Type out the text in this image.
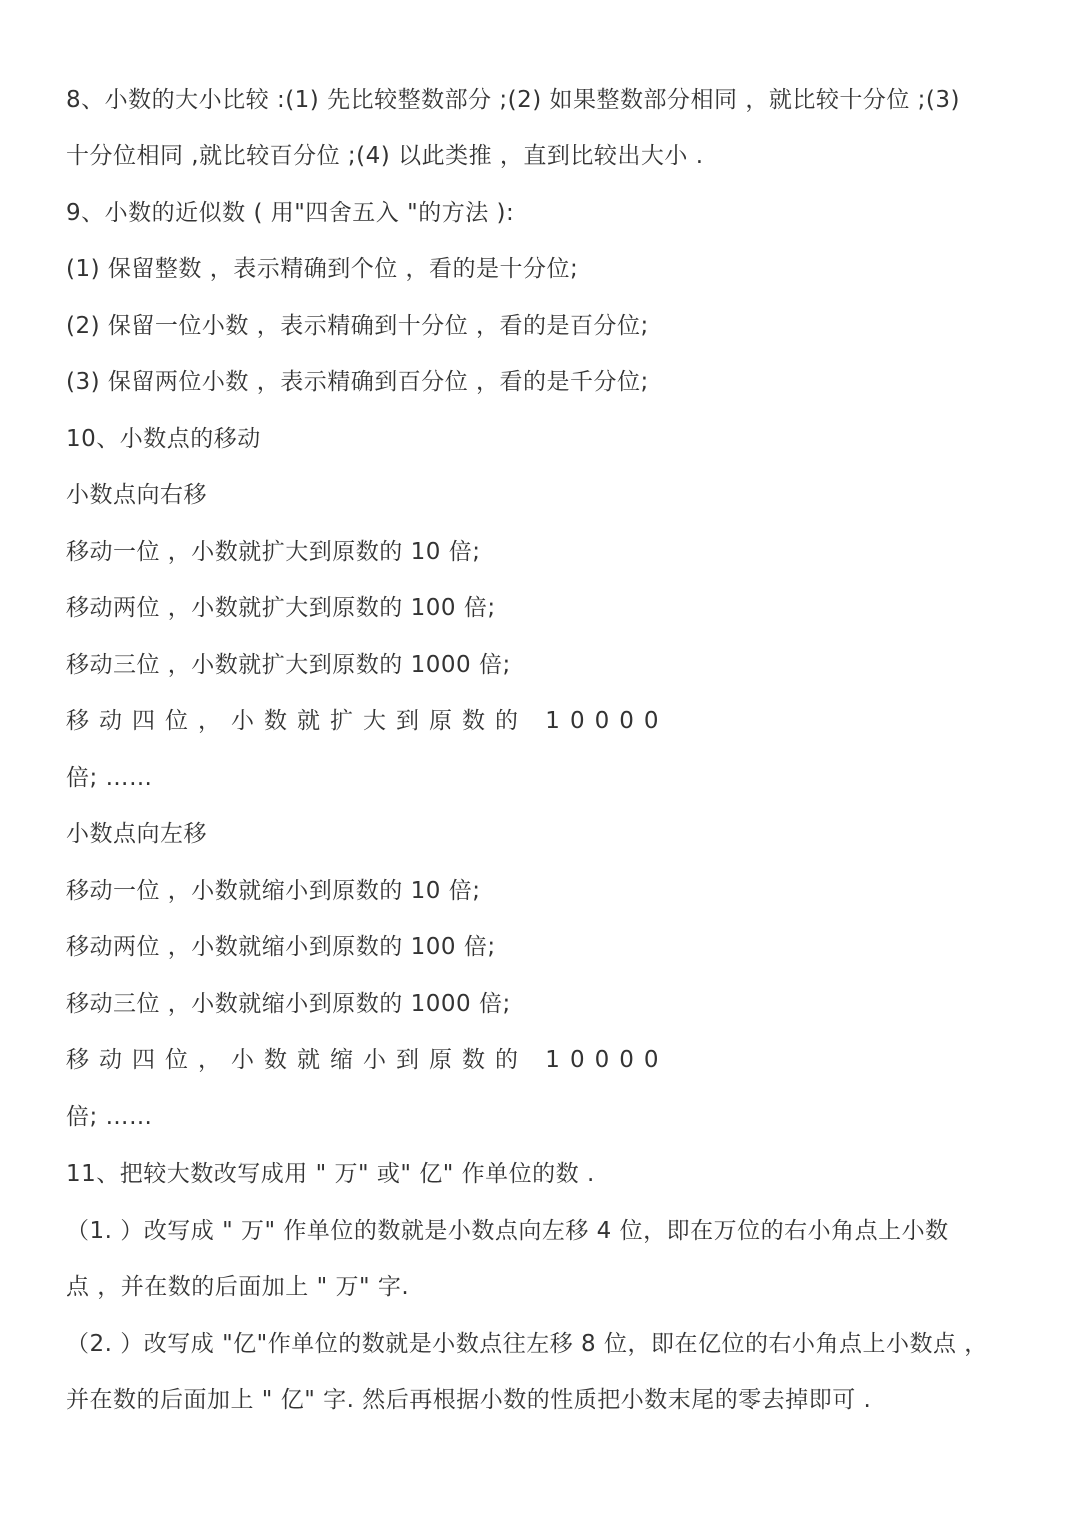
8、小数的大小比较 :(1) 先比较整数部分 ;(2) 如果整数部分相同 ，就比较十分位 ;(3)
十分位相同 ,就比较百分位 ;(4) 以此类推 ，直到比较出大小 .
9、小数的近似数 ( 用"四舍五入 "的方法 ):
(1) 保留整数 ，表示精确到个位 ，看的是十分位;
(2) 保留一位小数 ，表示精确到十分位 ，看的是百分位;
(3) 保留两位小数 ，表示精确到百分位 ，看的是千分位;
10、小数点的移动
小数点向右移
移动一位 ，小数就扩大到原数的 10 倍;
移动两位 ，小数就扩大到原数的 100 倍;
移动三位 ，小数就扩大到原数的 1000 倍;
移动四位，小数就扩大到原数的 10000
倍; ……
小数点向左移
移动一位 ，小数就缩小到原数的 10 倍;
移动两位 ，小数就缩小到原数的 100 倍;
移动三位 ，小数就缩小到原数的 1000 倍;
移动四位，小数就缩小到原数的 10000
倍; ……
11、把较大数改写成用 " 万" 或" 亿" 作单位的数 .
（1. ）改写成 " 万" 作单位的数就是小数点向左移 4 位，即在万位的右小角点上小数
点 ，并在数的后面加上 " 万" 字.
（2. ）改写成 "亿"作单位的数就是小数点往左移 8 位，即在亿位的右小角点上小数点 ，
并在数的后面加上 " 亿" 字. 然后再根据小数的性质把小数末尾的零去掉即可 .
